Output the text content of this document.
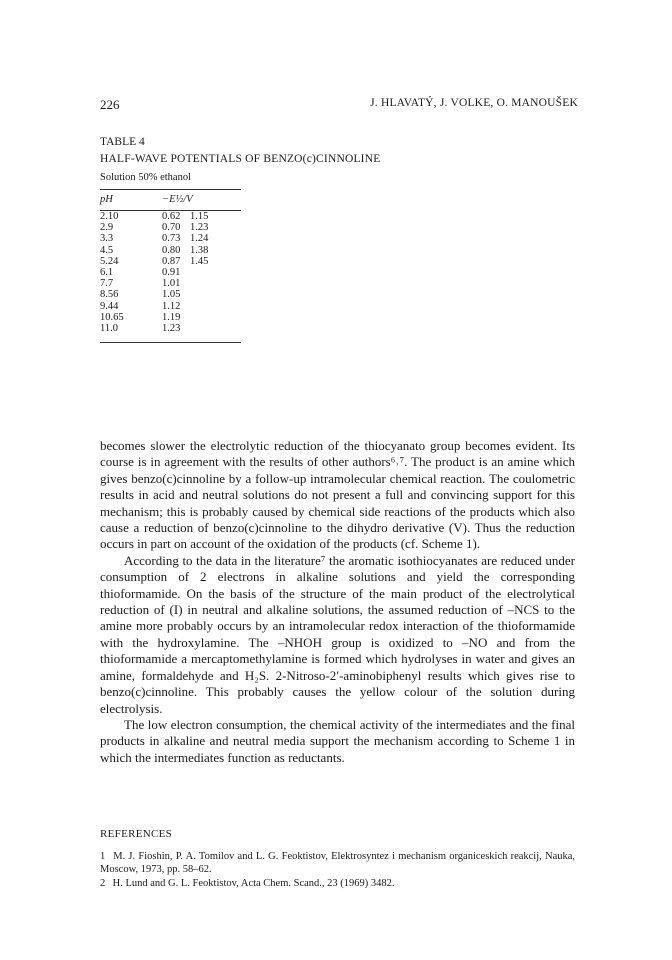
226	J. HLAVATÝ, J. VOLKE, O. MANOUŠEK
TABLE 4
HALF-WAVE POTENTIALS OF BENZO(c)CINNOLINE
Solution 50% ethanol
pH	−E½/V	
2.10	0.62	1.15
2.9	0.70	1.23
3.3	0.73	1.24
4.5	0.80	1.38
5.24	0.87	1.45
6.1	0.91	
7.7	1.01	
8.56	1.05	
9.44	1.12	
10.65	1.19	
11.0	1.23	

becomes slower the electrolytic reduction of the thiocyanato group becomes evident. Its course is in agreement with the results of other authors⁶˒⁷. The product is an amine which gives benzo(c)cinnoline by a follow-up intramolecular chemical reaction. The coulometric results in acid and neutral solutions do not present a full and convincing support for this mechanism; this is probably caused by chemical side reactions of the products which also cause a reduction of benzo(c)cinnoline to the dihydro derivative (V). Thus the reduction occurs in part on account of the oxidation of the products (cf. Scheme 1).

According to the data in the literature⁷ the aromatic isothiocyanates are reduced under consumption of 2 electrons in alkaline solutions and yield the corresponding thioformamide. On the basis of the structure of the main product of the electrolytical reduction of (I) in neutral and alkaline solutions, the assumed reduction of –NCS to the amine more probably occurs by an intramolecular redox interaction of the thioformamide with the hydroxylamine. The –NHOH group is oxidized to –NO and from the thioformamide a mercaptomethylamine is formed which hydrolyses in water and gives an amine, formaldehyde and H₂S. 2-Nitroso-2′-aminobiphenyl results which gives rise to benzo(c)cinnoline. This probably causes the yellow colour of the solution during electrolysis.

The low electron consumption, the chemical activity of the intermediates and the final products in alkaline and neutral media support the mechanism according to Scheme 1 in which the intermediates function as reductants.

REFERENCES
1 M. J. Fioshin, P. A. Tomilov and L. G. Feoktistov, Elektrosyntez i mechanism organiceskich reakcij, Nauka, Moscow, 1973, pp. 58–62.
2 H. Lund and G. L. Feoktistov, Acta Chem. Scand., 23 (1969) 3482.
